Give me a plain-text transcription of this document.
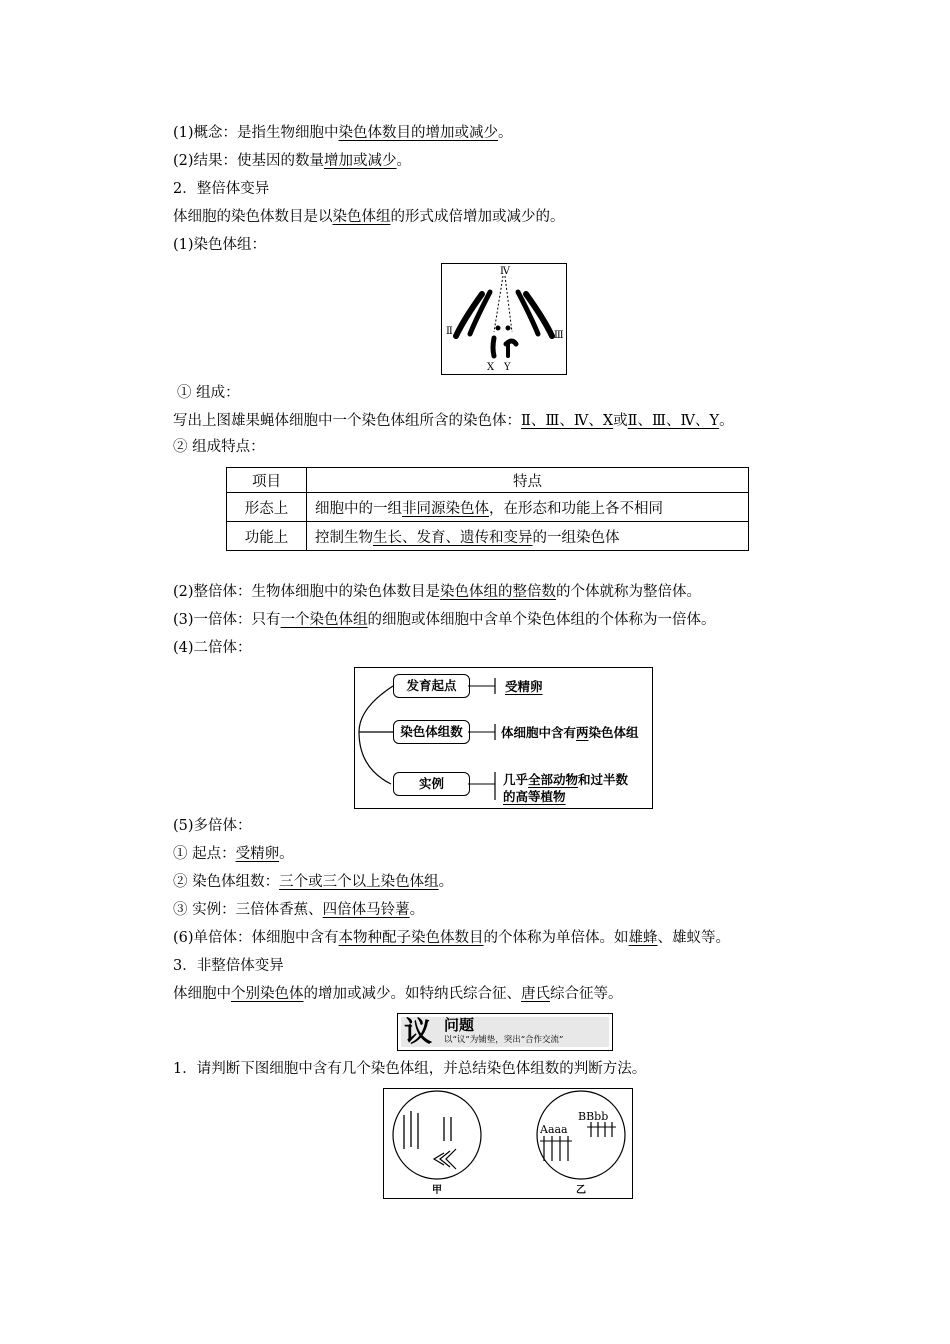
(1)概念：是指生物细胞中染色体数目的增加或减少。
(2)结果：使基因的数量增加或减少。
2．整倍体变异
体细胞的染色体数目是以染色体组的形式成倍增加或减少的。
(1)染色体组：
Ⅳ
Ⅱ	Ⅲ
X Y
① 组成：
写出上图雄果蝇体细胞中一个染色体组所含的染色体：Ⅱ、Ⅲ、Ⅳ、X或Ⅱ、Ⅲ、Ⅳ、Y。
② 组成特点：
项目	特点
形态上	细胞中的一组非同源染色体，在形态和功能上各不相同
功能上	控制生物生长、发育、遗传和变异的一组染色体
(2)整倍体：生物体细胞中的染色体数目是染色体组的整倍数的个体就称为整倍体。
(3)一倍体：只有一个染色体组的细胞或体细胞中含单个染色体组的个体称为一倍体。
(4)二倍体：
发育起点
染色体组数
实例
受精卵
体细胞中含有两染色体组
几乎全部动物和过半数
的高等植物
(5)多倍体：
① 起点：受精卵。
② 染色体组数：三个或三个以上染色体组。
③ 实例：三倍体香蕉、四倍体马铃薯。
(6)单倍体：体细胞中含有本物种配子染色体数目的个体称为单倍体。如雄蜂、雄蚁等。
3．非整倍体变异
体细胞中个别染色体的增加或减少。如特纳氏综合征、唐氏综合征等。
议 问题
以“议”为铺垫，突出“合作交流”
1．请判断下图细胞中含有几个染色体组，并总结染色体组数的判断方法。
甲
BBbb
Aaaa
乙
